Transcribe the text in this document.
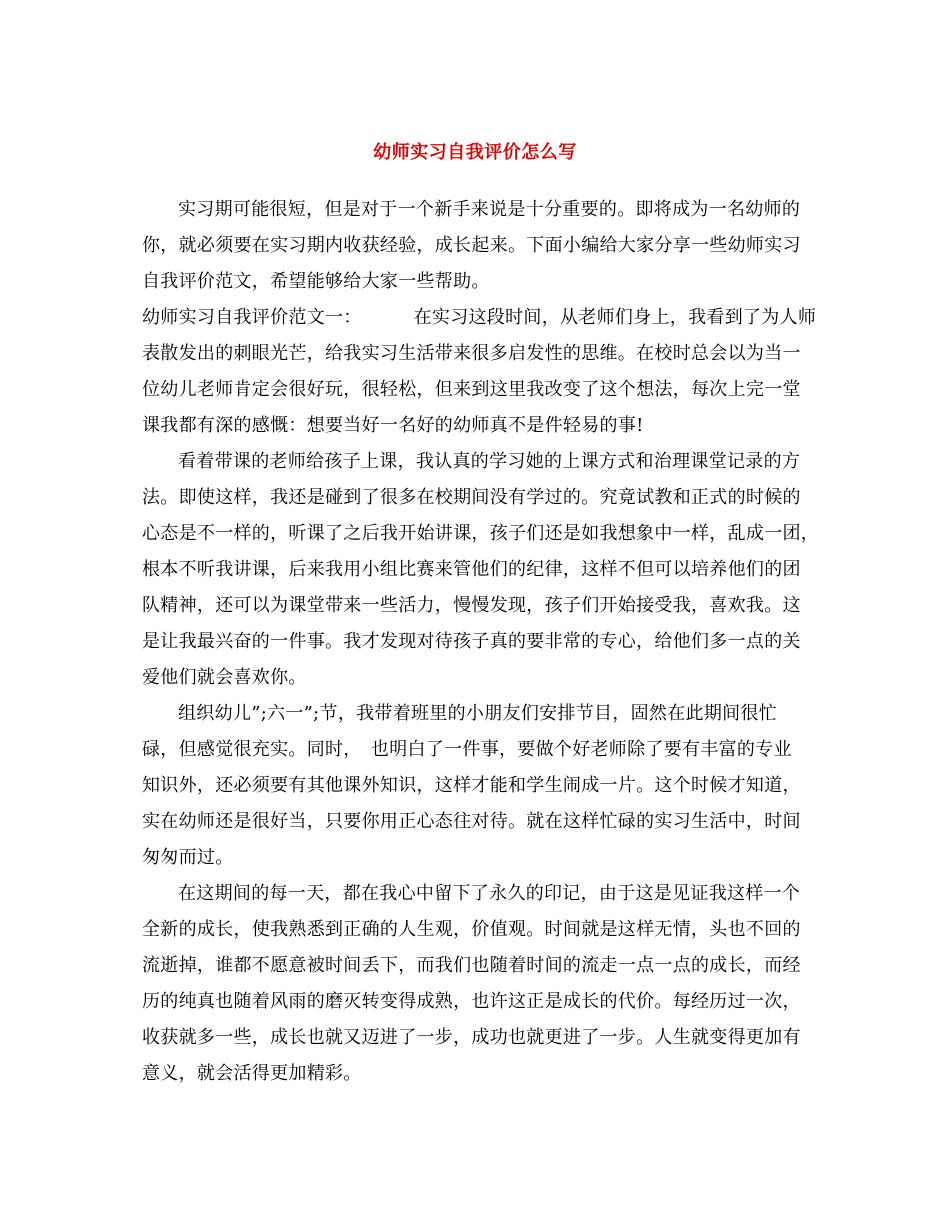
幼师实习自我评价怎么写
实习期可能很短，但是对于一个新手来说是十分重要的。即将成为一名幼师的
你，就必须要在实习期内收获经验，成长起来。下面小编给大家分享一些幼师实习
自我评价范文，希望能够给大家一些帮助。
幼师实习自我评价范文一：	在实习这段时间，从老师们身上，我看到了为人师
表散发出的刺眼光芒，给我实习生活带来很多启发性的思维。在校时总会以为当一
位幼儿老师肯定会很好玩，很轻松，但来到这里我改变了这个想法，每次上完一堂
课我都有深的感慨：想要当好一名好的幼师真不是件轻易的事!
看着带课的老师给孩子上课，我认真的学习她的上课方式和治理课堂记录的方
法。即使这样，我还是碰到了很多在校期间没有学过的。究竟试教和正式的时候的
心态是不一样的，听课了之后我开始讲课，孩子们还是如我想象中一样，乱成一团，
根本不听我讲课，后来我用小组比赛来管他们的纪律，这样不但可以培养他们的团
队精神，还可以为课堂带来一些活力，慢慢发现，孩子们开始接受我，喜欢我。这
是让我最兴奋的一件事。我才发现对待孩子真的要非常的专心，给他们多一点的关
爱他们就会喜欢你。
组织幼儿”;六一”;节，我带着班里的小朋友们安排节目，固然在此期间很忙
碌，但感觉很充实。同时，　也明白了一件事，要做个好老师除了要有丰富的专业
知识外，还必须要有其他课外知识，这样才能和学生闹成一片。这个时候才知道，
实在幼师还是很好当，只要你用正心态往对待。就在这样忙碌的实习生活中，时间
匆匆而过。
在这期间的每一天，都在我心中留下了永久的印记，由于这是见证我这样一个
全新的成长，使我熟悉到正确的人生观，价值观。时间就是这样无情，头也不回的
流逝掉，谁都不愿意被时间丢下，而我们也随着时间的流走一点一点的成长，而经
历的纯真也随着风雨的磨灭转变得成熟，也许这正是成长的代价。每经历过一次，
收获就多一些，成长也就又迈进了一步，成功也就更进了一步。人生就变得更加有
意义，就会活得更加精彩。
